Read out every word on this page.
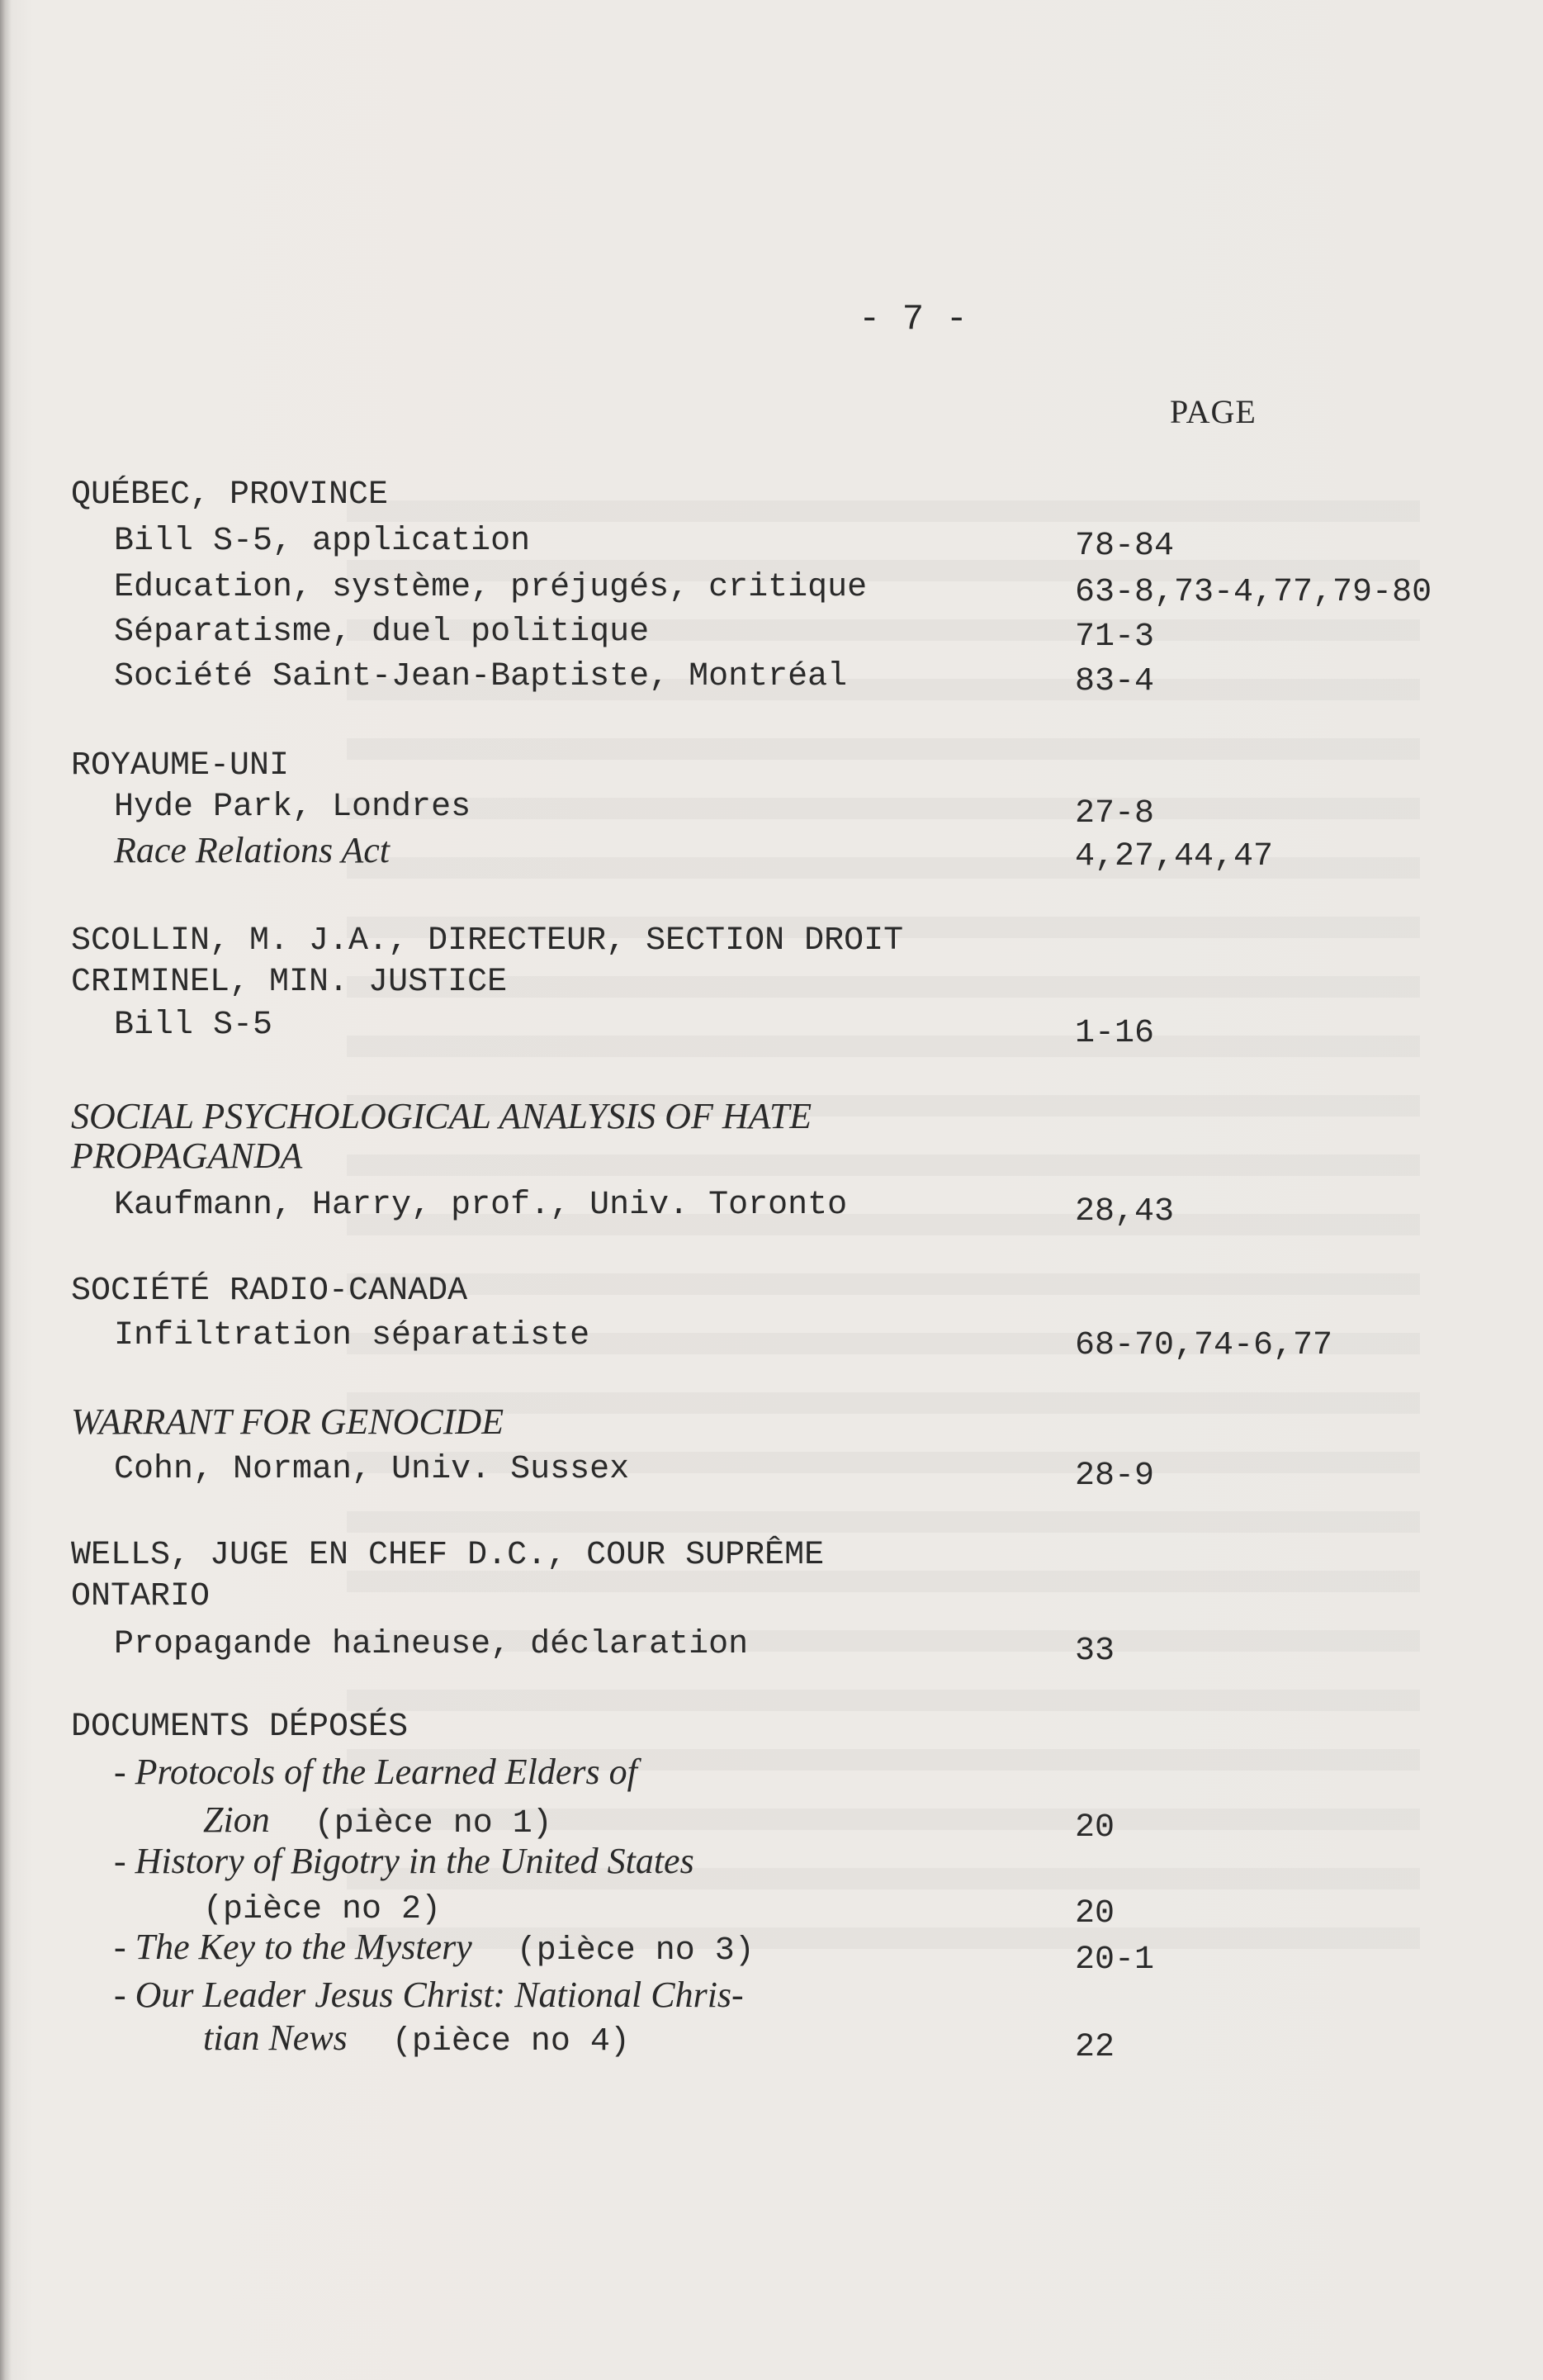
- 7 -
PAGE
QUÉBEC, PROVINCE
Bill S-5, application	78-84
Education, système, préjugés, critique	63-8,73-4,77,79-80
Séparatisme, duel politique	71-3
Société Saint-Jean-Baptiste, Montréal	83-4
ROYAUME-UNI
Hyde Park, Londres	27-8
Race Relations Act	4,27,44,47
SCOLLIN, M. J.A., DIRECTEUR, SECTION DROIT
CRIMINEL, MIN. JUSTICE
Bill S-5	1-16
SOCIAL PSYCHOLOGICAL ANALYSIS OF HATE
PROPAGANDA
Kaufmann, Harry, prof., Univ. Toronto	28,43
SOCIÉTÉ RADIO-CANADA
Infiltration séparatiste	68-70,74-6,77
WARRANT FOR GENOCIDE
Cohn, Norman, Univ. Sussex	28-9
WELLS, JUGE EN CHEF D.C., COUR SUPRÊME
ONTARIO
Propagande haineuse, déclaration	33
DOCUMENTS DÉPOSÉS
- Protocols of the Learned Elders of
Zion (pièce no 1)	20
- History of Bigotry in the United States
(pièce no 2)	20
- The Key to the Mystery (pièce no 3)	20-1
- Our Leader Jesus Christ: National Chris-
tian News (pièce no 4)	22
